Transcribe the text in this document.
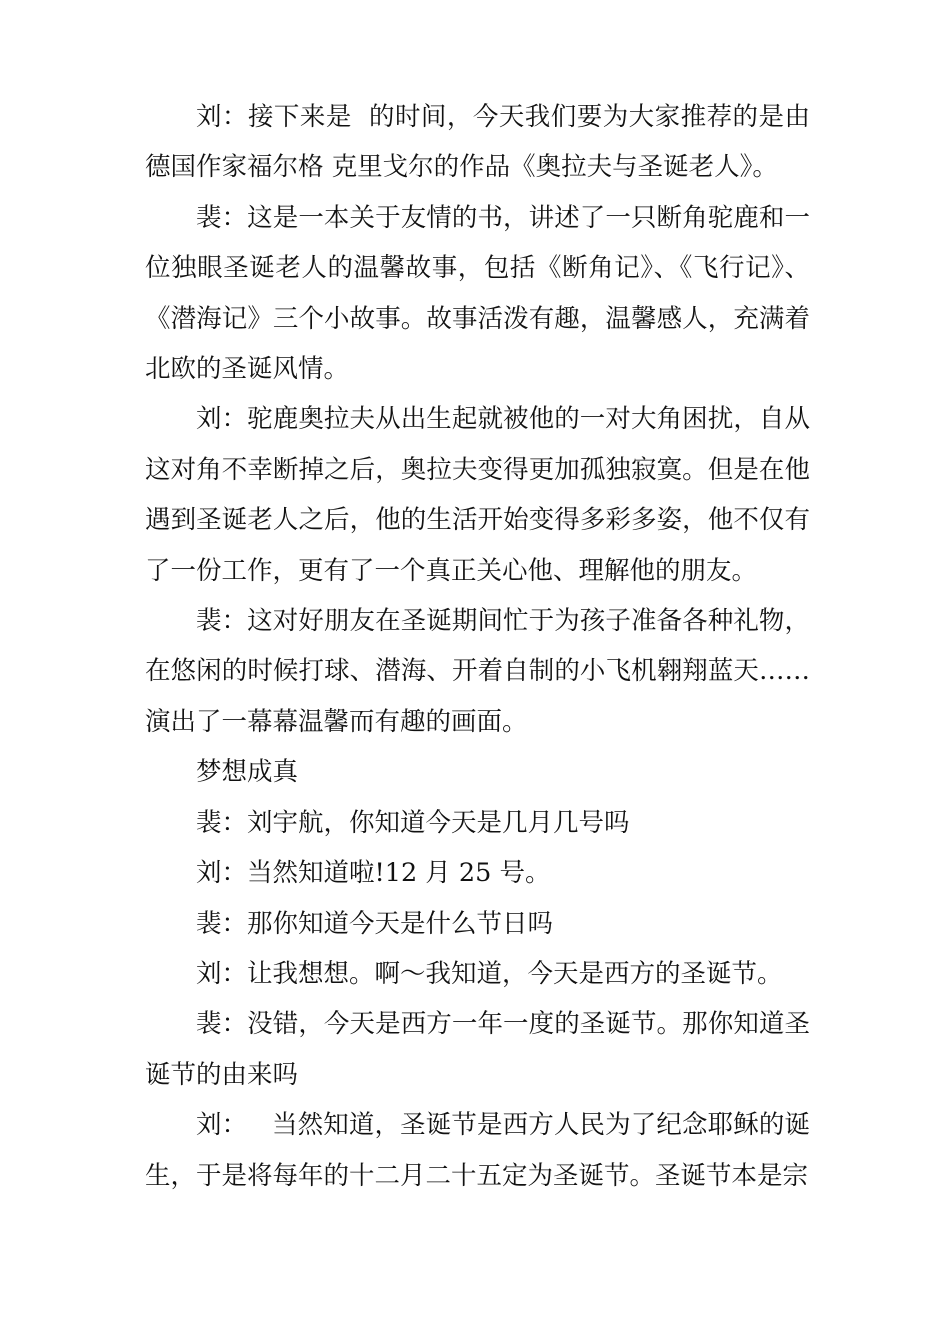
刘：接下来是  的时间，今天我们要为大家推荐的是由德国作家福尔格 克里戈尔的作品《奥拉夫与圣诞老人》。

裴：这是一本关于友情的书，讲述了一只断角驼鹿和一位独眼圣诞老人的温馨故事，包括《断角记》、《飞行记》、《潜海记》三个小故事。故事活泼有趣，温馨感人，充满着北欧的圣诞风情。

刘：驼鹿奥拉夫从出生起就被他的一对大角困扰，自从这对角不幸断掉之后，奥拉夫变得更加孤独寂寞。但是在他遇到圣诞老人之后，他的生活开始变得多彩多姿，他不仅有了一份工作，更有了一个真正关心他、理解他的朋友。

裴：这对好朋友在圣诞期间忙于为孩子准备各种礼物，在悠闲的时候打球、潜海、开着自制的小飞机翱翔蓝天……演出了一幕幕温馨而有趣的画面。

梦想成真

裴：刘宇航，你知道今天是几月几号吗

刘：当然知道啦!12 月 25 号。

裴：那你知道今天是什么节日吗

刘：让我想想。啊～我知道，今天是西方的圣诞节。

裴：没错，今天是西方一年一度的圣诞节。那你知道圣诞节的由来吗

刘：   当然知道，圣诞节是西方人民为了纪念耶稣的诞生，于是将每年的十二月二十五定为圣诞节。圣诞节本是宗
